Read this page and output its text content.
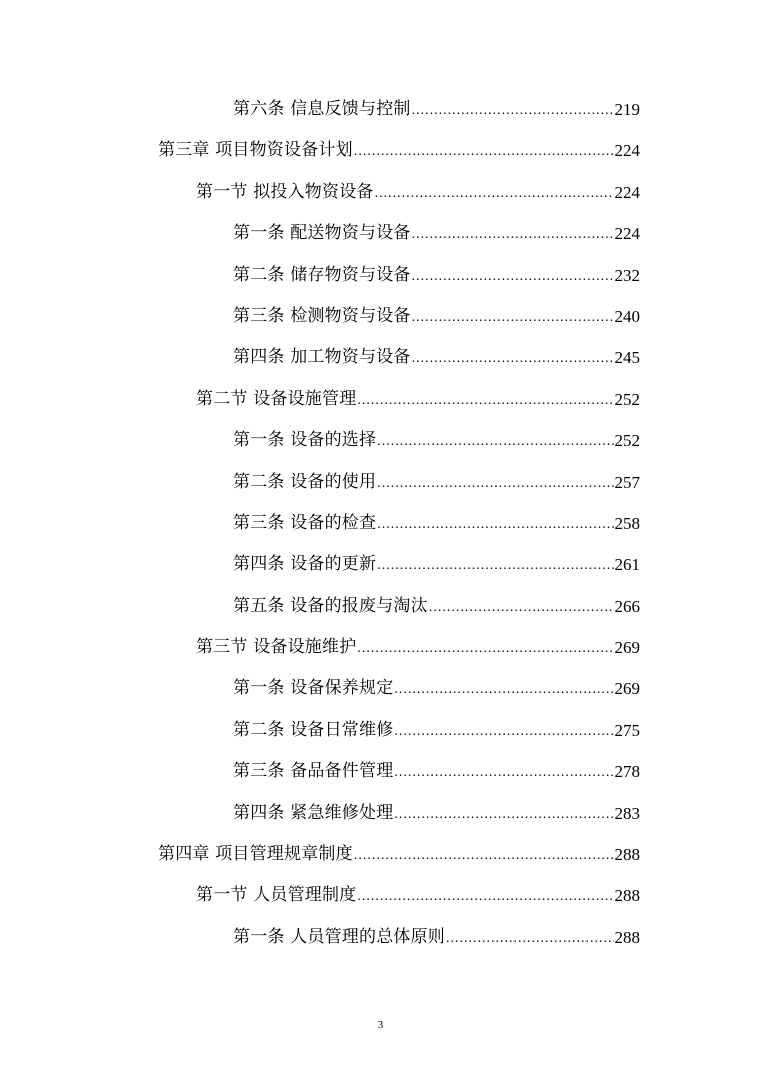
第六条 信息反馈与控制 .....	219
第三章 项目物资设备计划 .....	224
第一节 拟投入物资设备 .....	224
第一条 配送物资与设备 .....	224
第二条 储存物资与设备 .....	232
第三条 检测物资与设备 .....	240
第四条 加工物资与设备 .....	245
第二节 设备设施管理 .....	252
第一条 设备的选择 .....	252
第二条 设备的使用 .....	257
第三条 设备的检查 .....	258
第四条 设备的更新 .....	261
第五条 设备的报废与淘汰 .....	266
第三节 设备设施维护 .....	269
第一条 设备保养规定 .....	269
第二条 设备日常维修 .....	275
第三条 备品备件管理 .....	278
第四条 紧急维修处理 .....	283
第四章 项目管理规章制度 .....	288
第一节 人员管理制度 .....	288
第一条 人员管理的总体原则 .....	288
3
